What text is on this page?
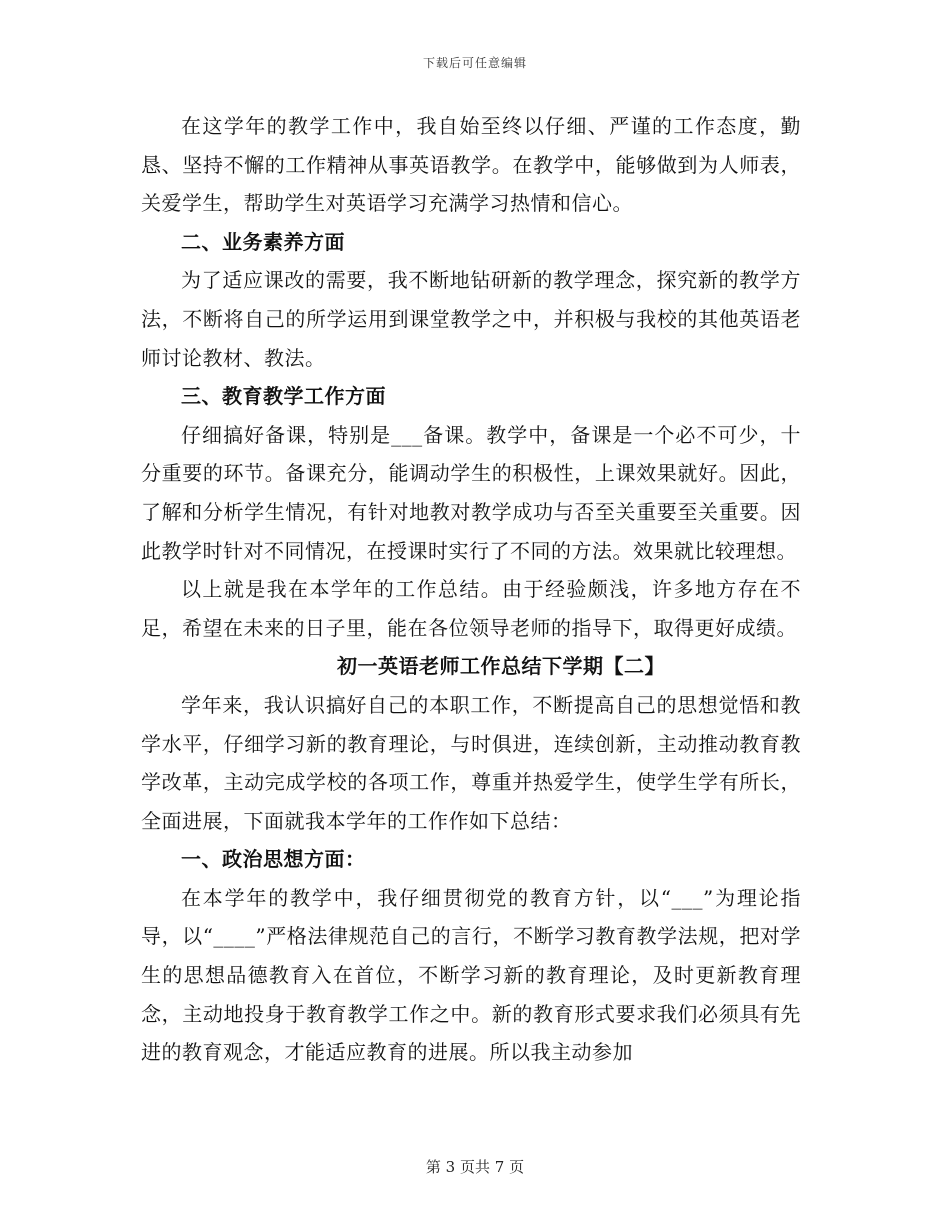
下载后可任意编辑

在这学年的教学工作中，我自始至终以仔细、严谨的工作态度，勤恳、坚持不懈的工作精神从事英语教学。在教学中，能够做到为人师表，关爱学生，帮助学生对英语学习充满学习热情和信心。

二、业务素养方面

为了适应课改的需要，我不断地钻研新的教学理念，探究新的教学方法，不断将自己的所学运用到课堂教学之中，并积极与我校的其他英语老师讨论教材、教法。

三、教育教学工作方面

仔细搞好备课，特别是___备课。教学中，备课是一个必不可少，十分重要的环节。备课充分，能调动学生的积极性，上课效果就好。因此，了解和分析学生情况，有针对地教对教学成功与否至关重要至关重要。因此教学时针对不同情况，在授课时实行了不同的方法。效果就比较理想。

以上就是我在本学年的工作总结。由于经验颇浅，许多地方存在不足，希望在未来的日子里，能在各位领导老师的指导下，取得更好成绩。

初一英语老师工作总结下学期【二】

学年来，我认识搞好自己的本职工作，不断提高自己的思想觉悟和教学水平，仔细学习新的教育理论，与时俱进，连续创新，主动推动教育教学改革，主动完成学校的各项工作，尊重并热爱学生，使学生学有所长，全面进展，下面就我本学年的工作作如下总结：

一、政治思想方面：

在本学年的教学中，我仔细贯彻党的教育方针，以“___”为理论指导，以“____”严格法律规范自己的言行，不断学习教育教学法规，把对学生的思想品德教育入在首位，不断学习新的教育理论，及时更新教育理念，主动地投身于教育教学工作之中。新的教育形式要求我们必须具有先进的教育观念，才能适应教育的进展。所以我主动参加

第 3 页共 7 页
